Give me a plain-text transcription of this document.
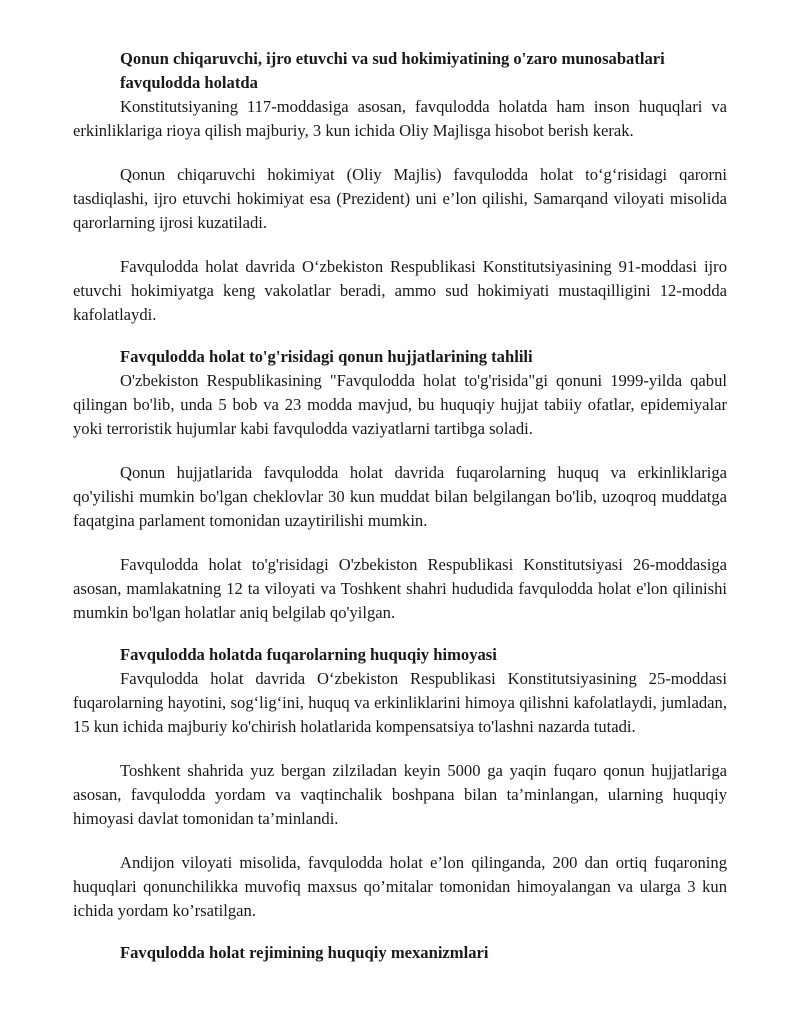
Qonun chiqaruvchi, ijro etuvchi va sud hokimiyatining o'zaro munosabatlari favqulodda holatda

Konstitutsiyaning 117-moddasiga asosan, favqulodda holatda ham inson huquqlari va erkinliklariga rioya qilish majburiy, 3 kun ichida Oliy Majlisga hisobot berish kerak.

Qonun chiqaruvchi hokimiyat (Oliy Majlis) favqulodda holat to‘g‘risidagi qarorni tasdiqlashi, ijro etuvchi hokimiyat esa (Prezident) uni e’lon qilishi, Samarqand viloyati misolida qarorlarning ijrosi kuzatiladi.

Favqulodda holat davrida O‘zbekiston Respublikasi Konstitutsiyasining 91-moddasi ijro etuvchi hokimiyatga keng vakolatlar beradi, ammo sud hokimiyati mustaqilligini 12-modda kafolatlaydi.

Favqulodda holat to'g'risidagi qonun hujjatlarining tahlili

O'zbekiston Respublikasining "Favqulodda holat to'g'risida"gi qonuni 1999-yilda qabul qilingan bo'lib, unda 5 bob va 23 modda mavjud, bu huquqiy hujjat tabiiy ofatlar, epidemiyalar yoki terroristik hujumlar kabi favqulodda vaziyatlarni tartibga soladi.

Qonun hujjatlarida favqulodda holat davrida fuqarolarning huquq va erkinliklariga qo'yilishi mumkin bo'lgan cheklovlar 30 kun muddat bilan belgilangan bo'lib, uzoqroq muddatga faqatgina parlament tomonidan uzaytirilishi mumkin.

Favqulodda holat to'g'risidagi O'zbekiston Respublikasi Konstitutsiyasi 26-moddasiga asosan, mamlakatning 12 ta viloyati va Toshkent shahri hududida favqulodda holat e'lon qilinishi mumkin bo'lgan holatlar aniq belgilab qo'yilgan.

Favqulodda holatda fuqarolarning huquqiy himoyasi

Favqulodda holat davrida O‘zbekiston Respublikasi Konstitutsiyasining 25-moddasi fuqarolarning hayotini, sog‘lig‘ini, huquq va erkinliklarini himoya qilishni kafolatlaydi, jumladan, 15 kun ichida majburiy ko'chirish holatlarida kompensatsiya to'lashni nazarda tutadi.

Toshkent shahrida yuz bergan zilziladan keyin 5000 ga yaqin fuqaro qonun hujjatlariga asosan, favqulodda yordam va vaqtinchalik boshpana bilan ta’minlangan, ularning huquqiy himoyasi davlat tomonidan ta’minlandi.

Andijon viloyati misolida, favqulodda holat e’lon qilinganda, 200 dan ortiq fuqaroning huquqlari qonunchilikka muvofiq maxsus qo’mitalar tomonidan himoyalangan va ularga 3 kun ichida yordam ko’rsatilgan.

Favqulodda holat rejimining huquqiy mexanizmlari
